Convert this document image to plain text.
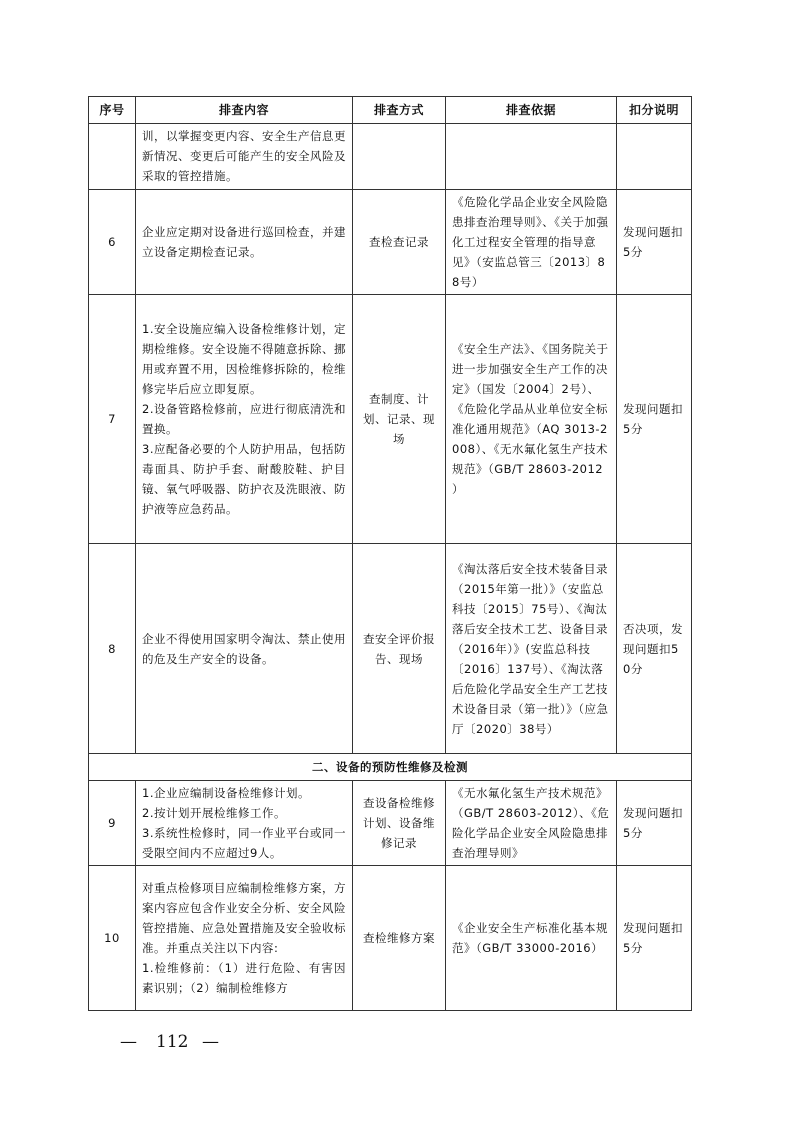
序号	排查内容	排查方式	排查依据	扣分说明

	训，以掌握变更内容、安全生产信息更新情况、变更后可能产生的安全风险及采取的管控措施。			

6	企业应定期对设备进行巡回检查，并建立设备定期检查记录。	查检查记录	《危险化学品企业安全风险隐患排查治理导则》、《关于加强化工过程安全管理的指导意见》（安监总管三〔2013〕88号）	发现问题扣5分

7	1.安全设施应编入设备检维修计划，定期检维修。安全设施不得随意拆除、挪用或弃置不用，因检维修拆除的，检维修完毕后应立即复原。
2.设备管路检修前，应进行彻底清洗和置换。
3.应配备必要的个人防护用品，包括防毒面具、防护手套、耐酸胶鞋、护目镜、氧气呼吸器、防护衣及洗眼液、防护液等应急药品。	查制度、计划、记录、现场	《安全生产法》、《国务院关于进一步加强安全生产工作的决定》（国发〔2004〕2号）、《危险化学品从业单位安全标准化通用规范》（AQ 3013-2008）、《无水氟化氢生产技术规范》（GB/T 28603-2012 ）	发现问题扣5分

8	企业不得使用国家明令淘汰、禁止使用的危及生产安全的设备。	查安全评价报告、现场	《淘汰落后安全技术装备目录（2015年第一批）》（安监总科技〔2015〕75号）、《淘汰落后安全技术工艺、设备目录（2016年）》(安监总科技〔2016〕137号）、《淘汰落后危险化学品安全生产工艺技术设备目录（第一批）》（应急厅〔2020〕38号）	否决项，发现问题扣50分

二、设备的预防性维修及检测				
9	1.企业应编制设备检维修计划。
2.按计划开展检维修工作。
3.系统性检修时，同一作业平台或同一受限空间内不应超过9人。	查设备检维修计划、设备维修记录	《无水氟化氢生产技术规范》（GB/T 28603-2012）、《危险化学品企业安全风险隐患排查治理导则》	发现问题扣5分

10	对重点检修项目应编制检维修方案，方案内容应包含作业安全分析、安全风险管控措施、应急处置措施及安全验收标准。并重点关注以下内容:
1.检维修前：（1）进行危险、有害因素识别；（2）编制检维修方	查检维修方案	《企业安全生产标准化基本规范》（GB/T 33000-2016）	发现问题扣5分
— 112 —
